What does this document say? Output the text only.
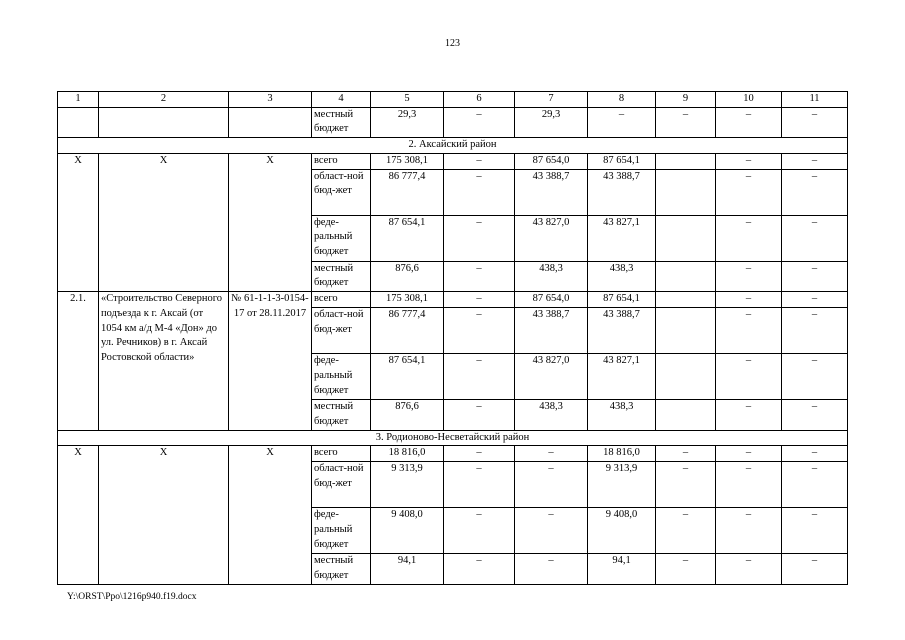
123
1	2	3	4	5	6	7	8	9	10	11
			местный бюджет	29,3	–	29,3	–	–	–	–
2. Аксайский район										
X	X	X	всего	175 308,1	–	87 654,0	87 654,1		–	–
			област-ной бюд-жет	86 777,4	–	43 388,7	43 388,7		–	–
			феде-ральный бюджет	87 654,1	–	43 827,0	43 827,1		–	–
			местный бюджет	876,6	–	438,3	438,3		–	–
2.1.	«Строительство Северного подъезда к г. Аксай (от 1054 км а/д М-4 «Дон» до ул. Речников) в г. Аксай Ростовской области»	№ 61-1-1-3-0154-17 от 28.11.2017	всего	175 308,1	–	87 654,0	87 654,1		–	–
			област-ной бюд-жет	86 777,4	–	43 388,7	43 388,7		–	–
			феде-ральный бюджет	87 654,1	–	43 827,0	43 827,1		–	–
			местный бюджет	876,6	–	438,3	438,3		–	–
3. Родионово-Несветайский район										
X	X	X	всего	18 816,0	–	–	18 816,0	–	–	–
			област-ной бюд-жет	9 313,9	–	–	9 313,9	–	–	–
			феде-ральный бюджет	9 408,0	–	–	9 408,0	–	–	–
			местный бюджет	94,1	–	–	94,1	–	–	–
Y:\ORST\Ppo\1216p940.f19.docx
